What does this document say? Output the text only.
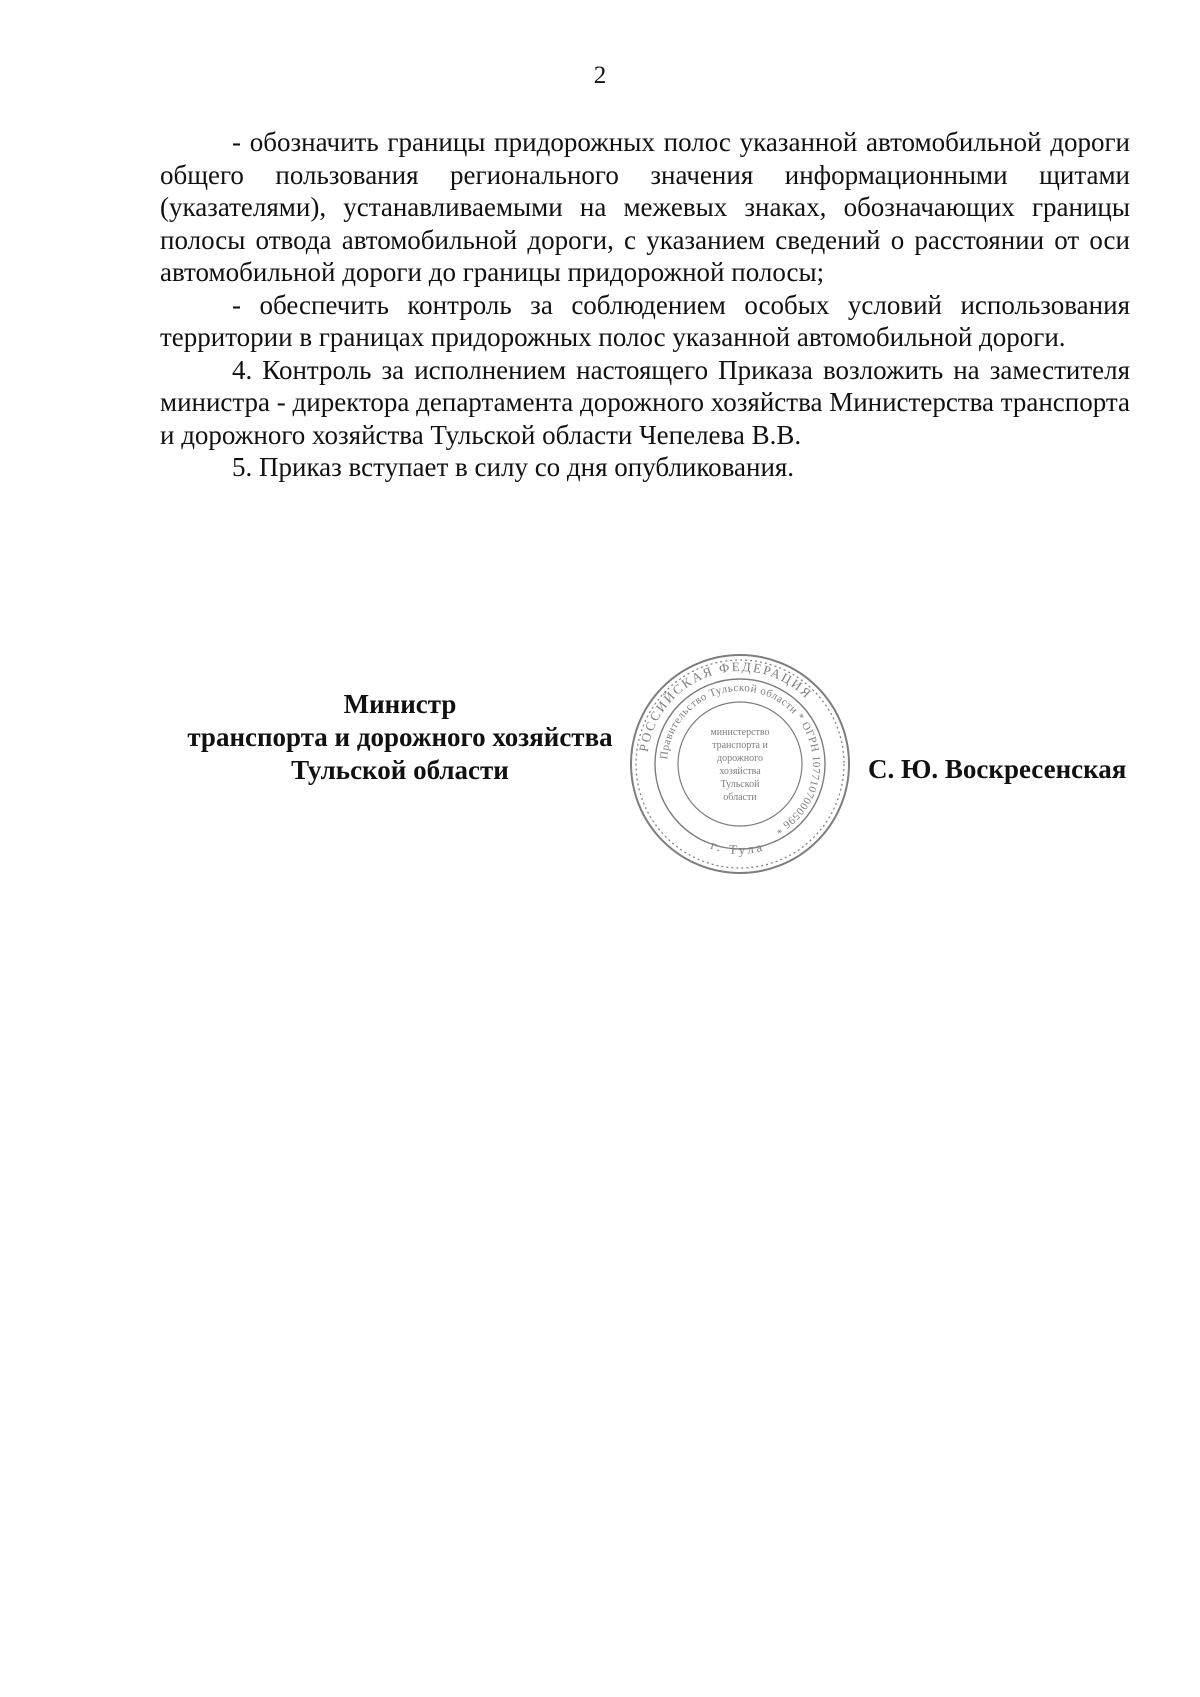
2

- обозначить границы придорожных полос указанной автомобильной дороги общего пользования регионального значения информационными щитами (указателями), устанавливаемыми на межевых знаках, обозначающих границы полосы отвода автомобильной дороги, с указанием сведений о расстоянии от оси автомобильной дороги до границы придорожной полосы;

- обеспечить контроль за соблюдением особых условий использования территории в границах придорожных полос указанной автомобильной дороги.

4. Контроль за исполнением настоящего Приказа возложить на заместителя министра - директора департамента дорожного хозяйства Министерства транспорта и дорожного хозяйства Тульской области Чепелева В.В.

5. Приказ вступает в силу со дня опубликования.

Министр
транспорта и дорожного хозяйства
Тульской области
РОССИЙСКАЯ ФЕДЕРАЦИЯ
Правительство Тульской области * ОГРН 1077107000596 *
г. Тула
министерство
транспорта и
дорожного
хозяйства
Тульской
области
С. Ю. Воскресенская
